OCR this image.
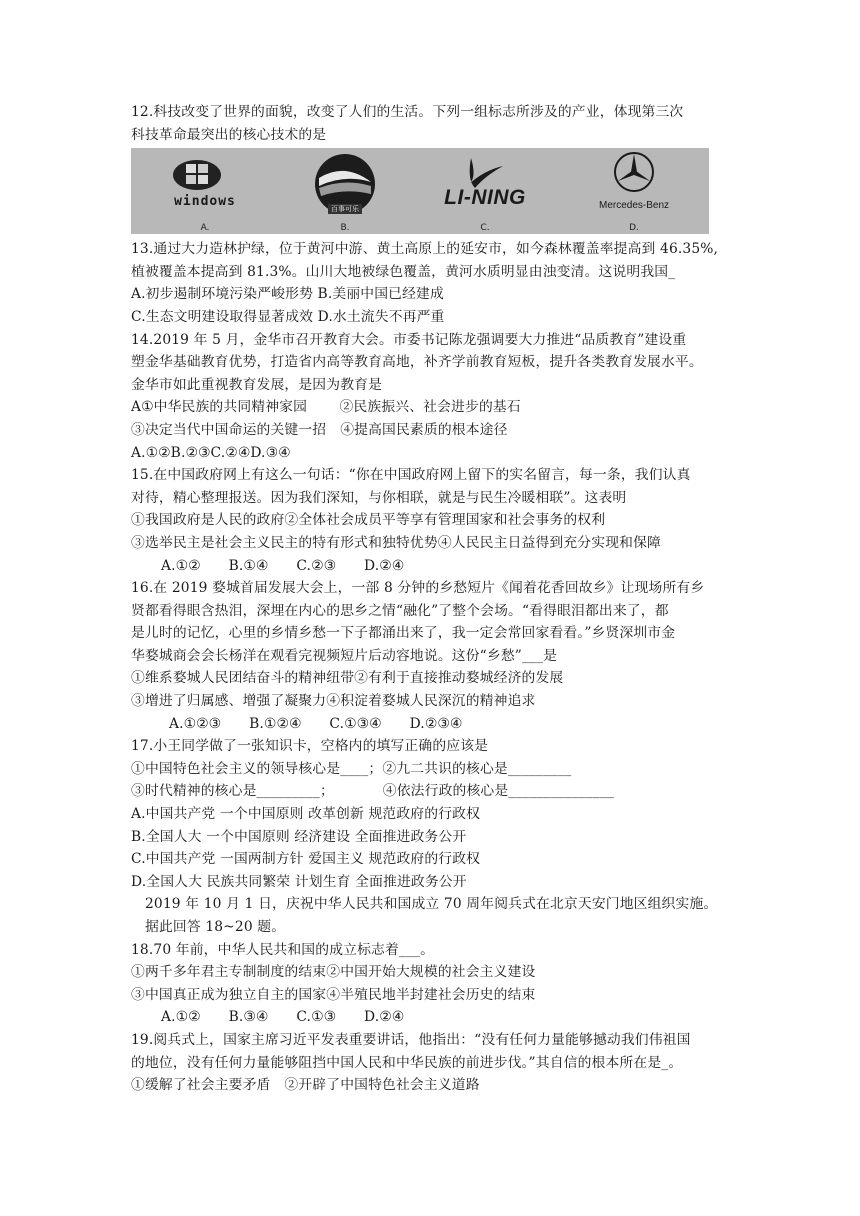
12.科技改变了世界的面貌，改变了人们的生活。下列一组标志所涉及的产业，体现第三次
科技革命最突出的核心技术的是
windows
A.
百事可乐
B.
LI-NING
C.
Mercedes-Benz
D.
13.通过大力造林护绿，位于黄河中游、黄土高原上的延安市，如今森林覆盖率提高到 46.35%,
植被覆盖本提高到 81.3%。山川大地被绿色覆盖，黄河水质明显由浊变清。这说明我国_
A.初步遏制环境污染严峻形势 B.美丽中国已经建成
C.生态文明建设取得显著成效 D.水土流失不再严重
14.2019 年 5 月，金华市召开教育大会。市委书记陈龙强调要大力推进“品质教育”建设重
塑金华基础教育优势，打造省内高等教育高地，补齐学前教育短板，提升各类教育发展水平。
金华市如此重视教育发展，是因为教育是
A①中华民族的共同精神家园　　 ②民族振兴、社会进步的基石
③决定当代中国命运的关键一招　④提高国民素质的根本途径
A.①②B.②③C.②④D.③④
15.在中国政府网上有这么一句话：“你在中国政府网上留下的实名留言，每一条，我们认真
对待，精心整理报送。因为我们深知，与你相联，就是与民生冷暖相联”。这表明
①我国政府是人民的政府②全体社会成员平等享有管理国家和社会事务的权利
③选举民主是社会主义民主的特有形式和独特优势④人民民主日益得到充分实现和保障
A.①②　　B.①④　　C.②③　　D.②④
16.在 2019 婺城首届发展大会上，一部 8 分钟的乡愁短片《闻着花香回故乡》让现场所有乡
贤都看得眼含热泪，深埋在内心的思乡之情“融化”了整个会场。“看得眼泪都出来了，都
是儿时的记忆，心里的乡情乡愁一下子都涌出来了，我一定会常回家看看。”乡贤深圳市金
华婺城商会会长杨洋在观看完视频短片后动容地说。这份“乡愁”___是
①维系婺城人民团结奋斗的精神纽带②有利于直接推动婺城经济的发展
③增进了归属感、增强了凝聚力④积淀着婺城人民深沉的精神追求
A.①②③　　B.①②④　　C.①③④　　D.②③④
17.小王同学做了一张知识卡，空格内的填写正确的应该是
①中国特色社会主义的领导核心是____；②九二共识的核心是_________
③时代精神的核心是_________；　　　　④依法行政的核心是_______________
A.中国共产党 一个中国原则 改革创新 规范政府的行政权
B.全国人大 一个中国原则 经济建设 全面推进政务公开
C.中国共产党 一国两制方针 爱国主义 规范政府的行政权
D.全国人大 民族共同繁荣 计划生育 全面推进政务公开
2019 年 10 月 1 日，庆祝中华人民共和国成立 70 周年阅兵式在北京天安门地区组织实施。
据此回答 18~20 题。
18.70 年前，中华人民共和国的成立标志着___。
①两千多年君主专制制度的结束②中国开始大规模的社会主义建设
③中国真正成为独立自主的国家④半殖民地半封建社会历史的结束
A.①②　　B.③④　　C.①③　　D.②④
19.阅兵式上，国家主席习近平发表重要讲话，他指出：“没有任何力量能够撼动我们伟祖国
的地位，没有任何力量能够阻挡中国人民和中华民族的前进步伐。”其自信的根本所在是_。
①缓解了社会主要矛盾　②开辟了中国特色社会主义道路
